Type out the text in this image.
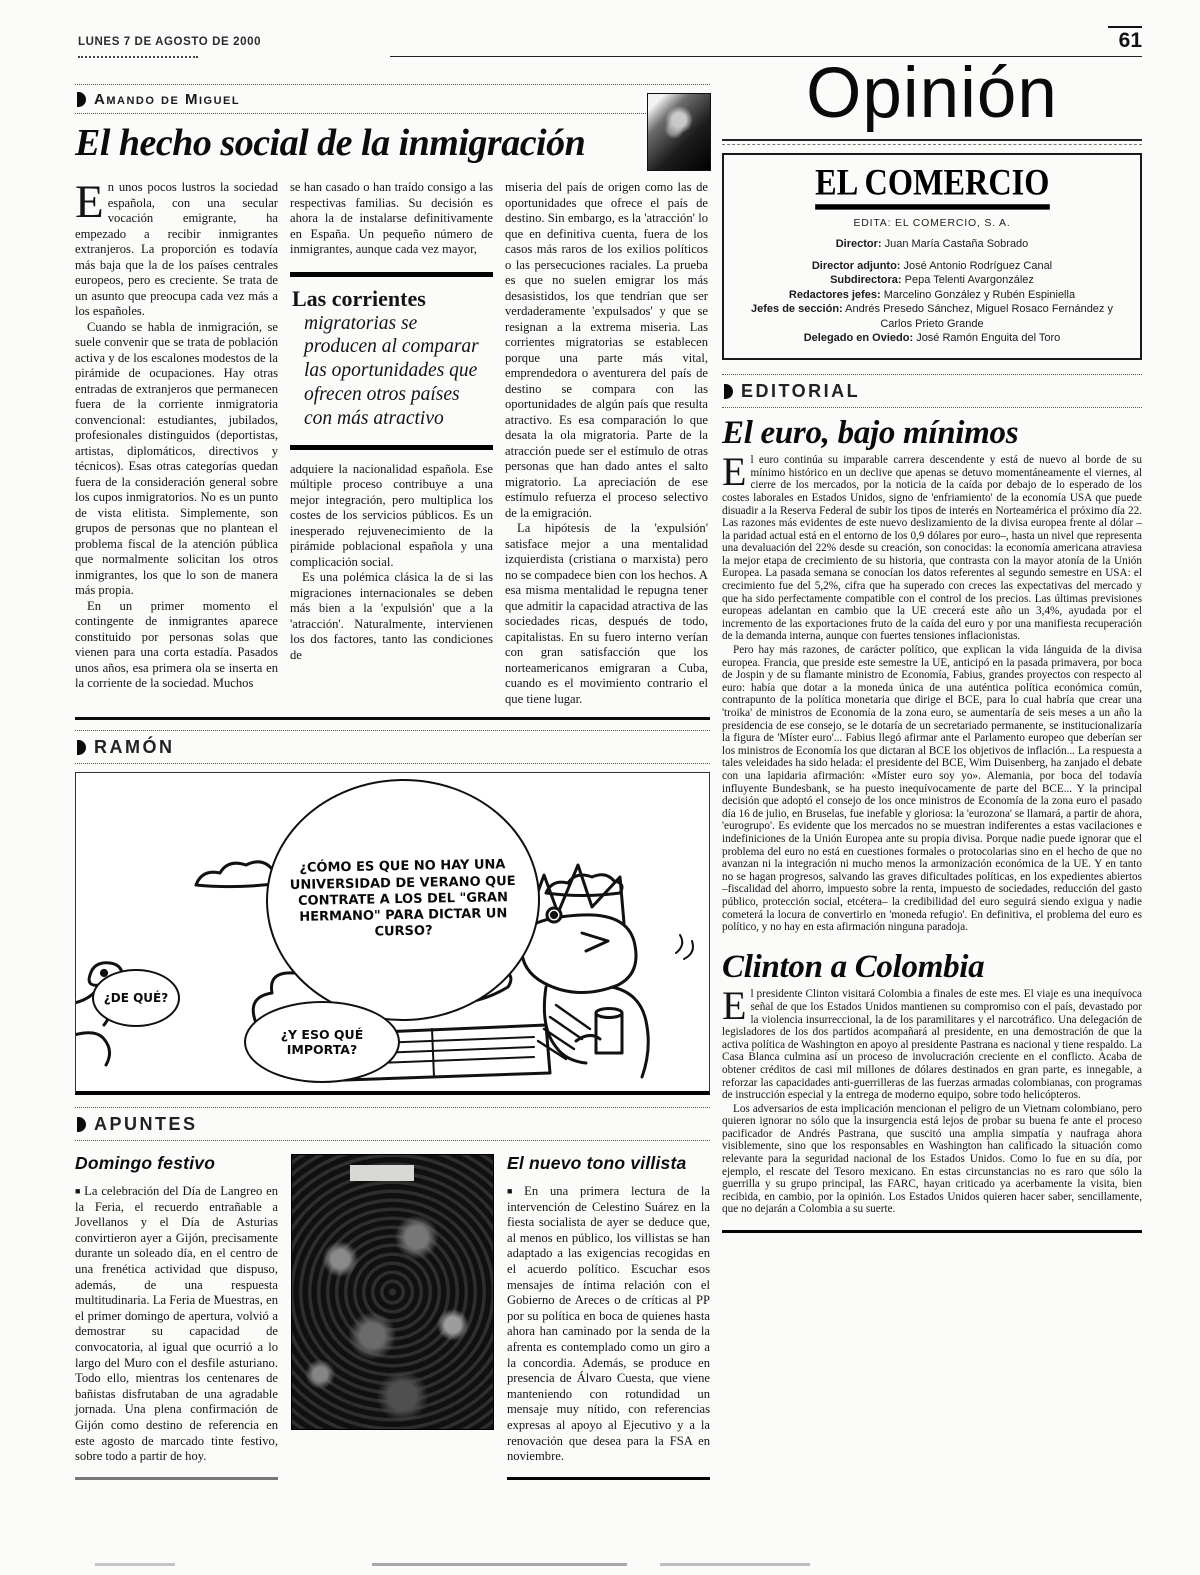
LUNES 7 DE AGOSTO DE 2000	61
Amando de Miguel
El hecho social de la inmigración

En unos pocos lustros la sociedad española, con una secular vocación emigrante, ha empezado a recibir inmigrantes extranjeros. La proporción es todavía más baja que la de los países centrales europeos, pero es creciente. Se trata de un asunto que preocupa cada vez más a los españoles.

Cuando se habla de inmigración, se suele convenir que se trata de población activa y de los escalones modestos de la pirámide de ocupaciones. Hay otras entradas de extranjeros que permanecen fuera de la corriente inmigratoria convencional: estudiantes, jubilados, profesionales distinguidos (deportistas, artistas, diplomáticos, directivos y técnicos). Esas otras categorías quedan fuera de la consideración general sobre los cupos inmigratorios. No es un punto de vista elitista. Simplemente, son grupos de personas que no plantean el problema fiscal de la atención pública que normalmente solicitan los otros inmigrantes, los que lo son de manera más propia.

En un primer momento el contingente de inmigrantes aparece constituido por personas solas que vienen para una corta estadía. Pasados unos años, esa primera ola se inserta en la corriente de la sociedad. Muchos

se han casado o han traído consigo a las respectivas familias. Su decisión es ahora la de instalarse definitivamente en España. Un pequeño número de inmigrantes, aunque cada vez mayor,

Las corrientes
migratorias se producen al comparar las oportunidades que ofrecen otros países con más atractivo

adquiere la nacionalidad española. Ese múltiple proceso contribuye a una mejor integración, pero multiplica los costes de los servicios públicos. Es un inesperado rejuvenecimiento de la pirámide poblacional española y una complicación social.

Es una polémica clásica la de si las migraciones internacionales se deben más bien a la 'expulsión' que a la 'atracción'. Naturalmente, intervienen los dos factores, tanto las condiciones de

miseria del país de origen como las de oportunidades que ofrece el país de destino. Sin embargo, es la 'atracción' lo que en definitiva cuenta, fuera de los casos más raros de los exilios políticos o las persecuciones raciales. La prueba es que no suelen emigrar los más desasistidos, los que tendrían que ser verdaderamente 'expulsados' y que se resignan a la extrema miseria. Las corrientes migratorias se establecen porque una parte más vital, emprendedora o aventurera del país de destino se compara con las oportunidades de algún país que resulta atractivo. Es esa comparación lo que desata la ola migratoria. Parte de la atracción puede ser el estímulo de otras personas que han dado antes el salto migratorio. La apreciación de ese estímulo refuerza el proceso selectivo de la emigración.

La hipótesis de la 'expulsión' satisface mejor a una mentalidad izquierdista (cristiana o marxista) pero no se compadece bien con los hechos. A esa misma mentalidad le repugna tener que admitir la capacidad atractiva de las sociedades ricas, después de todo, capitalistas. En su fuero interno verían con gran satisfacción que los norteamericanos emigraran a Cuba, cuando es el movimiento contrario el que tiene lugar.

RAMÓN
¿CÓMO ES QUE NO HAY UNA UNIVERSIDAD DE VERANO QUE CONTRATE A LOS DEL "GRAN HERMANO" PARA DICTAR UN CURSO?
¿DE QUÉ?
¿Y ESO QUÉ IMPORTA?
APUNTES
Domingo festivo

■ La celebración del Día de Langreo en la Feria, el recuerdo entrañable a Jovellanos y el Día de Asturias convirtieron ayer a Gijón, precisamente durante un soleado día, en el centro de una frenética actividad que dispuso, además, de una respuesta multitudinaria. La Feria de Muestras, en el primer domingo de apertura, volvió a demostrar su capacidad de convocatoria, al igual que ocurrió a lo largo del Muro con el desfile asturiano. Todo ello, mientras los centenares de bañistas disfrutaban de una agradable jornada. Una plena confirmación de Gijón como destino de referencia en este agosto de marcado tinte festivo, sobre todo a partir de hoy.

El nuevo tono villista

■ En una primera lectura de la intervención de Celestino Suárez en la fiesta socialista de ayer se deduce que, al menos en público, los villistas se han adaptado a las exigencias recogidas en el acuerdo político. Escuchar esos mensajes de íntima relación con el Gobierno de Areces o de críticas al PP por su política en boca de quienes hasta ahora han caminado por la senda de la afrenta es contemplado como un giro a la concordia. Además, se produce en presencia de Álvaro Cuesta, que viene manteniendo con rotundidad un mensaje muy nítido, con referencias expresas al apoyo al Ejecutivo y a la renovación que desea para la FSA en noviembre.

Opinión
EL COMERCIO
EDITA: EL COMERCIO, S. A.

Director: Juan María Castaña Sobrado

Director adjunto: José Antonio Rodríguez Canal

Subdirectora: Pepa Telenti Avargonzález

Redactores jefes: Marcelino González y Rubén Espiniella

Jefes de sección: Andrés Presedo Sánchez, Miguel Rosaco Fernández y Carlos Prieto Grande

Delegado en Oviedo: José Ramón Enguita del Toro

EDITORIAL
El euro, bajo mínimos

El euro continúa su imparable carrera descendente y está de nuevo al borde de su mínimo histórico en un declive que apenas se detuvo momentáneamente el viernes, al cierre de los mercados, por la noticia de la caída por debajo de lo esperado de los costes laborales en Estados Unidos, signo de 'enfriamiento' de la economía USA que puede disuadir a la Reserva Federal de subir los tipos de interés en Norteamérica el próximo día 22. Las razones más evidentes de este nuevo deslizamiento de la divisa europea frente al dólar –la paridad actual está en el entorno de los 0,9 dólares por euro–, hasta un nivel que representa una devaluación del 22% desde su creación, son conocidas: la economía americana atraviesa la mejor etapa de crecimiento de su historia, que contrasta con la mayor atonía de la Unión Europea. La pasada semana se conocían los datos referentes al segundo semestre en USA: el crecimiento fue del 5,2%, cifra que ha superado con creces las expectativas del mercado y que ha sido perfectamente compatible con el control de los precios. Las últimas previsiones europeas adelantan en cambio que la UE crecerá este año un 3,4%, ayudada por el incremento de las exportaciones fruto de la caída del euro y por una manifiesta recuperación de la demanda interna, aunque con fuertes tensiones inflacionistas.

Pero hay más razones, de carácter político, que explican la vida lánguida de la divisa europea. Francia, que preside este semestre la UE, anticipó en la pasada primavera, por boca de Jospin y de su flamante ministro de Economía, Fabius, grandes proyectos con respecto al euro: había que dotar a la moneda única de una auténtica política económica común, contrapunto de la política monetaria que dirige el BCE, para lo cual habría que crear una 'troika' de ministros de Economía de la zona euro, se aumentaría de seis meses a un año la presidencia de ese consejo, se le dotaría de un secretariado permanente, se institucionalizaría la figura de 'Míster euro'... Fabius llegó afirmar ante el Parlamento europeo que deberían ser los ministros de Economía los que dictaran al BCE los objetivos de inflación... La respuesta a tales veleidades ha sido helada: el presidente del BCE, Wim Duisenberg, ha zanjado el debate con una lapidaria afirmación: «Míster euro soy yo». Alemania, por boca del todavía influyente Bundesbank, se ha puesto inequívocamente de parte del BCE... Y la principal decisión que adoptó el consejo de los once ministros de Economía de la zona euro el pasado día 16 de julio, en Bruselas, fue inefable y gloriosa: la 'eurozona' se llamará, a partir de ahora, 'eurogrupo'. Es evidente que los mercados no se muestran indiferentes a estas vacilaciones e indefiniciones de la Unión Europea ante su propia divisa. Porque nadie puede ignorar que el problema del euro no está en cuestiones formales o protocolarias sino en el hecho de que no avanzan ni la integración ni mucho menos la armonización económica de la UE. Y en tanto no se hagan progresos, salvando las graves dificultades políticas, en los expedientes abiertos –fiscalidad del ahorro, impuesto sobre la renta, impuesto de sociedades, reducción del gasto público, protección social, etcétera– la credibilidad del euro seguirá siendo exigua y nadie cometerá la locura de convertirlo en 'moneda refugio'. En definitiva, el problema del euro es político, y no hay en esta afirmación ninguna paradoja.

Clinton a Colombia

El presidente Clinton visitará Colombia a finales de este mes. El viaje es una inequívoca señal de que los Estados Unidos mantienen su compromiso con el país, devastado por la violencia insurreccional, la de los paramilitares y el narcotráfico. Una delegación de legisladores de los dos partidos acompañará al presidente, en una demostración de que la activa política de Washington en apoyo al presidente Pastrana es nacional y tiene respaldo. La Casa Blanca culmina así un proceso de involucración creciente en el conflicto. Acaba de obtener créditos de casi mil millones de dólares destinados en gran parte, es innegable, a reforzar las capacidades anti-guerrilleras de las fuerzas armadas colombianas, con programas de instrucción especial y la entrega de moderno equipo, sobre todo helicópteros.

Los adversarios de esta implicación mencionan el peligro de un Vietnam colombiano, pero quieren ignorar no sólo que la insurgencia está lejos de probar su buena fe ante el proceso pacificador de Andrés Pastrana, que suscitó una amplia simpatía y naufraga ahora visiblemente, sino que los responsables en Washington han calificado la situación como relevante para la seguridad nacional de los Estados Unidos. Como lo fue en su día, por ejemplo, el rescate del Tesoro mexicano. En estas circunstancias no es raro que sólo la guerrilla y su grupo principal, las FARC, hayan criticado ya acerbamente la visita, bien recibida, en cambio, por la opinión. Los Estados Unidos quieren hacer saber, sencillamente, que no dejarán a Colombia a su suerte.
